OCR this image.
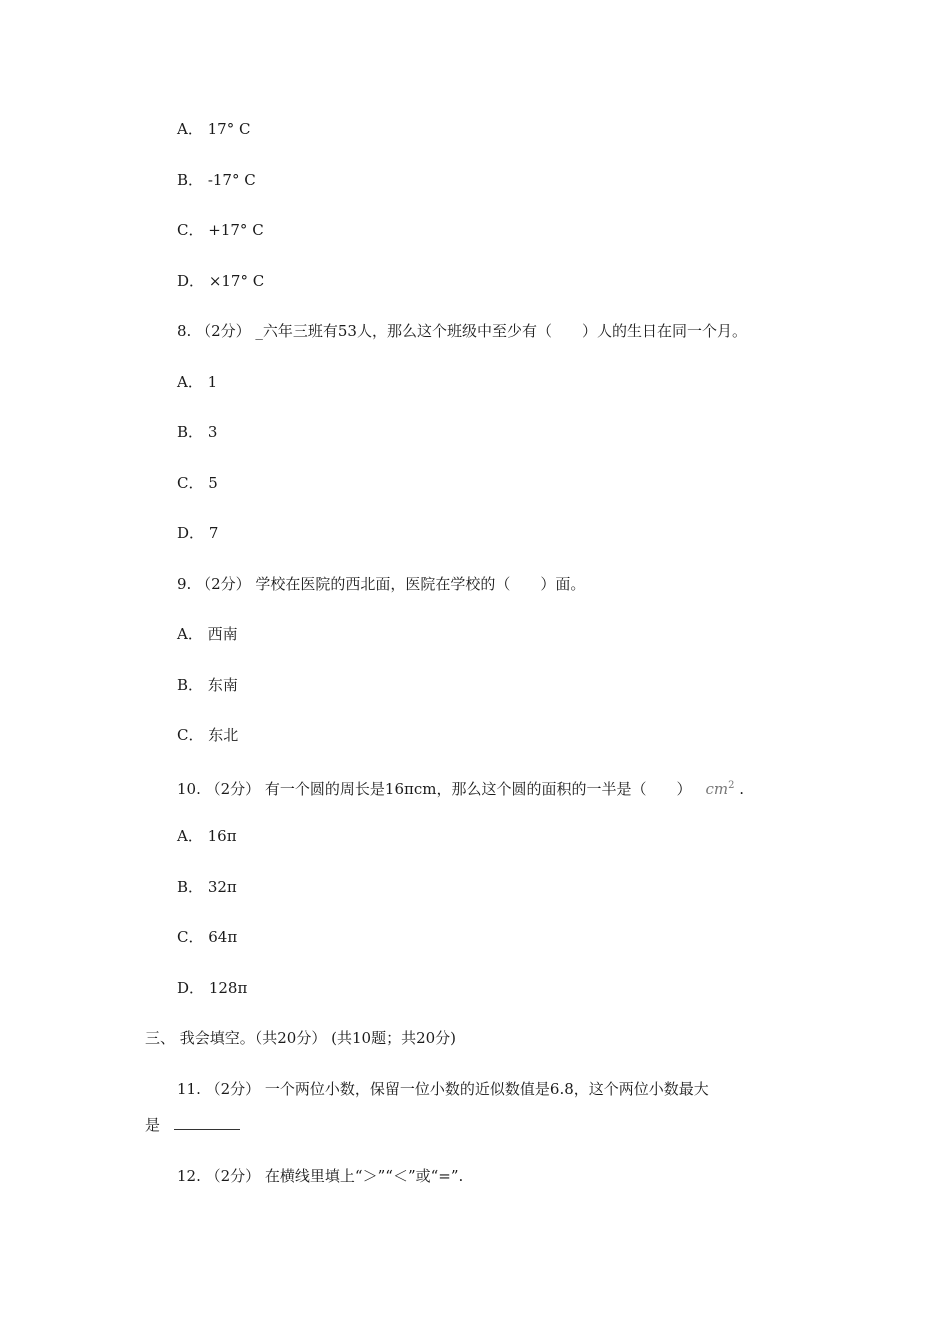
A． 17° C
B． -17° C
C． +17° C
D． ×17° C
8. （2分） _六年三班有53人，那么这个班级中至少有（　　）人的生日在同一个月。
A． 1
B． 3
C． 5
D． 7
9. （2分） 学校在医院的西北面，医院在学校的（　　）面。
A． 西南
B． 东南
C． 东北
10. （2分） 有一个圆的周长是16πcm，那么这个圆的面积的一半是（　　） $cm^2$ .
A． 16π
B． 32π
C． 64π
D． 128π
三、 我会填空。（共20分） (共10题；共20分)
11. （2分） 一个两位小数，保留一位小数的近似数值是6.8，这个两位小数最大
是
12. （2分） 在横线里填上“＞”“＜”或“=”.
